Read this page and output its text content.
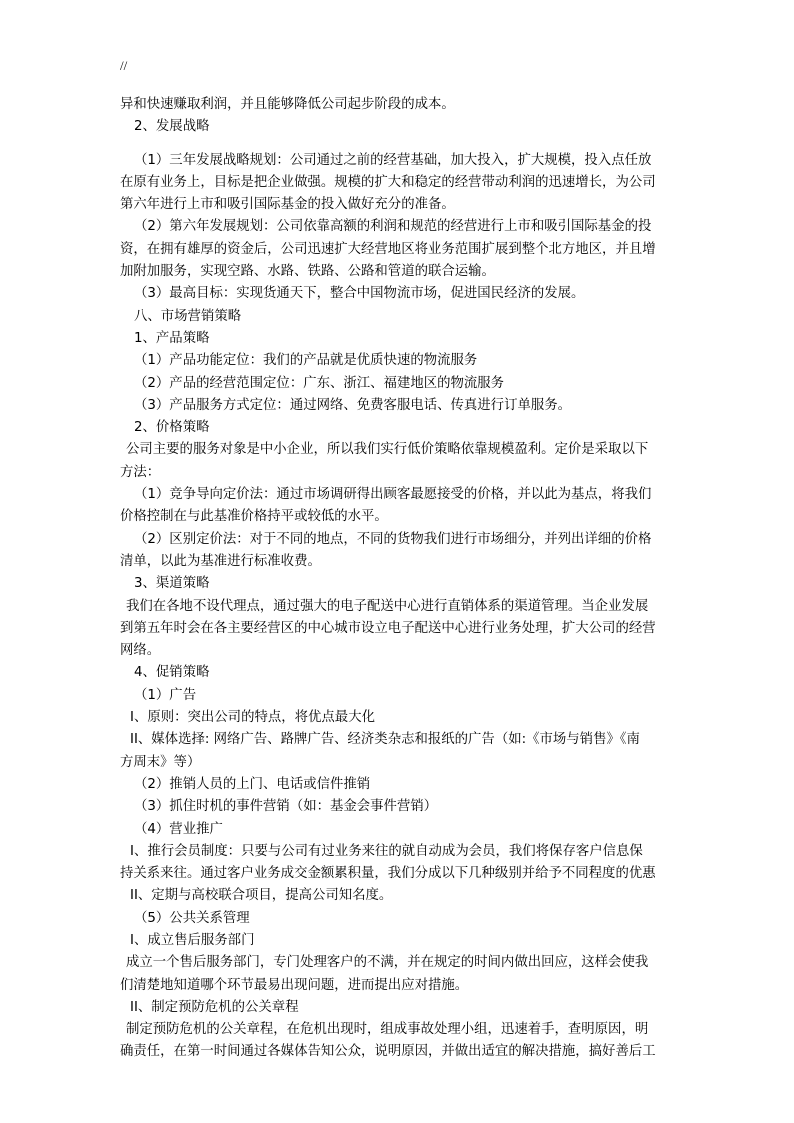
//
异和快速赚取利润，并且能够降低公司起步阶段的成本。
2、发展战略
（1）三年发展战略规划：公司通过之前的经营基础，加大投入，扩大规模，投入点任放
在原有业务上，目标是把企业做强。规模的扩大和稳定的经营带动利润的迅速增长，为公司
第六年进行上市和吸引国际基金的投入做好充分的准备。
（2）第六年发展规划：公司依靠高额的利润和规范的经营进行上市和吸引国际基金的投
资，在拥有雄厚的资金后，公司迅速扩大经营地区将业务范围扩展到整个北方地区，并且增
加附加服务，实现空路、水路、铁路、公路和管道的联合运输。
（3）最高目标：实现货通天下，整合中国物流市场，促进国民经济的发展。
八、市场营销策略
1、产品策略
（1）产品功能定位：我们的产品就是优质快速的物流服务
（2）产品的经营范围定位：广东、浙江、福建地区的物流服务
（3）产品服务方式定位：通过网络、免费客服电话、传真进行订单服务。
2、价格策略
公司主要的服务对象是中小企业，所以我们实行低价策略依靠规模盈利。定价是采取以下
方法：
（1）竞争导向定价法：通过市场调研得出顾客最愿接受的价格，并以此为基点，将我们
价格控制在与此基准价格持平或较低的水平。
（2）区别定价法：对于不同的地点，不同的货物我们进行市场细分，并列出详细的价格
清单，以此为基准进行标准收费。
3、渠道策略
我们在各地不设代理点，通过强大的电子配送中心进行直销体系的渠道管理。当企业发展
到第五年时会在各主要经营区的中心城市设立电子配送中心进行业务处理，扩大公司的经营
网络。
4、促销策略
（1）广告
I、原则：突出公司的特点，将优点最大化
II、媒体选择: 网络广告、路牌广告、经济类杂志和报纸的广告（如:《市场与销售》《南
方周末》等）
（2）推销人员的上门、电话或信件推销
（3）抓住时机的事件营销（如：基金会事件营销）
（4）营业推广
I、推行会员制度：只要与公司有过业务来往的就自动成为会员，我们将保存客户信息保
持关系来往。通过客户业务成交金额累积量，我们分成以下几种级别并给予不同程度的优惠
II、定期与高校联合项目，提高公司知名度。
（5）公共关系管理
I、成立售后服务部门
成立一个售后服务部门，专门处理客户的不满，并在规定的时间内做出回应，这样会使我
们清楚地知道哪个环节最易出现问题，进而提出应对措施。
II、制定预防危机的公关章程
制定预防危机的公关章程，在危机出现时，组成事故处理小组，迅速着手，查明原因，明
确责任，在第一时间通过各媒体告知公众，说明原因，并做出适宜的解决措施，搞好善后工
